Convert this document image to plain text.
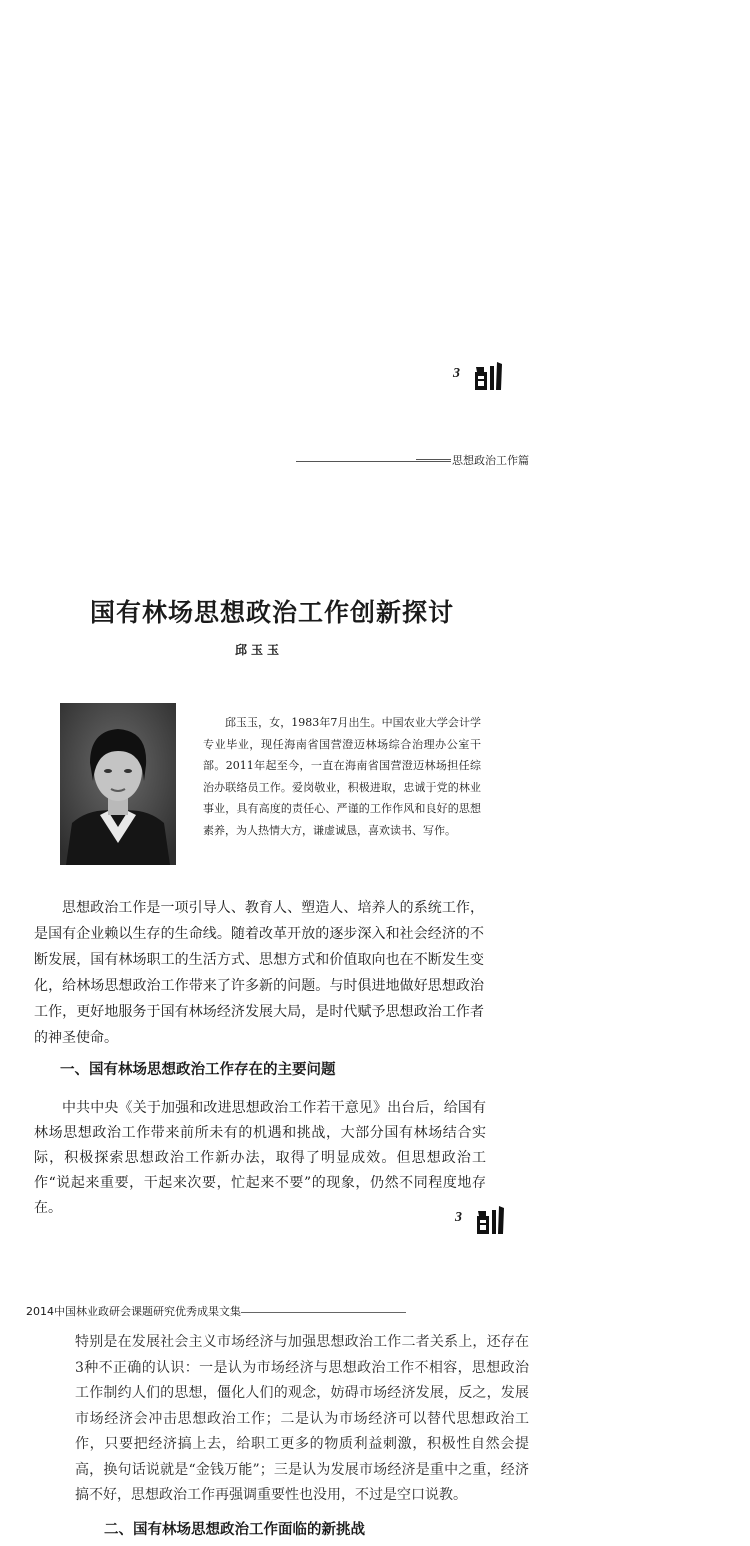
3
思想政治工作篇
国有林场思想政治工作创新探讨
邱玉玉

邱玉玉，女，1983年7月出生。中国农业大学会计学专业毕业，现任海南省国营澄迈林场综合治理办公室干部。2011年起至今，一直在海南省国营澄迈林场担任综治办联络员工作。爱岗敬业，积极进取，忠诚于党的林业事业，具有高度的责任心、严谨的工作作风和良好的思想素养，为人热情大方，谦虚诚恳，喜欢读书、写作。

思想政治工作是一项引导人、教育人、塑造人、培养人的系统工作，是国有企业赖以生存的生命线。随着改革开放的逐步深入和社会经济的不断发展，国有林场职工的生活方式、思想方式和价值取向也在不断发生变化，给林场思想政治工作带来了许多新的问题。与时俱进地做好思想政治工作，更好地服务于国有林场经济发展大局，是时代赋予思想政治工作者的神圣使命。

一、国有林场思想政治工作存在的主要问题

中共中央《关于加强和改进思想政治工作若干意见》出台后，给国有林场思想政治工作带来前所未有的机遇和挑战，大部分国有林场结合实际，积极探索思想政治工作新办法，取得了明显成效。但思想政治工作“说起来重要，干起来次要，忙起来不要”的现象，仍然不同程度地存在。

3
2014中国林业政研会课题研究优秀成果文集

特别是在发展社会主义市场经济与加强思想政治工作二者关系上，还存在3种不正确的认识：一是认为市场经济与思想政治工作不相容，思想政治工作制约人们的思想，僵化人们的观念，妨碍市场经济发展，反之，发展市场经济会冲击思想政治工作；二是认为市场经济可以替代思想政治工作，只要把经济搞上去，给职工更多的物质利益刺激，积极性自然会提高，换句话说就是“金钱万能”；三是认为发展市场经济是重中之重，经济搞不好，思想政治工作再强调重要性也没用，不过是空口说教。

二、国有林场思想政治工作面临的新挑战
